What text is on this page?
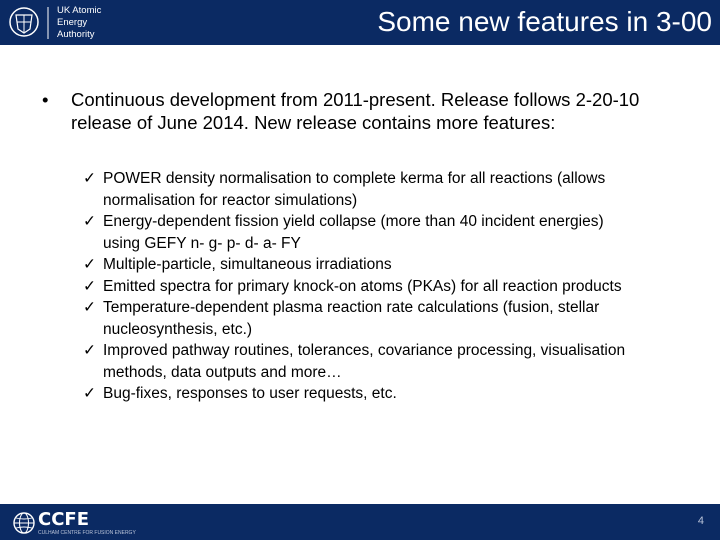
UK Atomic
Energy
Authority	Some new features in 3-00
• Continuous development from 2011-present. Release follows 2-20-10 release of June 2014. New release contains more features:
✓ POWER density normalisation to complete kerma for all reactions (allows normalisation for reactor simulations)
✓ Energy-dependent fission yield collapse (more than 40 incident energies) using GEFY n- g- p- d- a- FY
✓ Multiple-particle, simultaneous irradiations
✓ Emitted spectra for primary knock-on atoms (PKAs) for all reaction products
✓ Temperature-dependent plasma reaction rate calculations (fusion, stellar nucleosynthesis, etc.)
✓ Improved pathway routines, tolerances, covariance processing, visualisation methods, data outputs and more…
✓ Bug-fixes, responses to user requests, etc.
CCFE
CULHAM CENTRE FOR FUSION ENERGY
4
